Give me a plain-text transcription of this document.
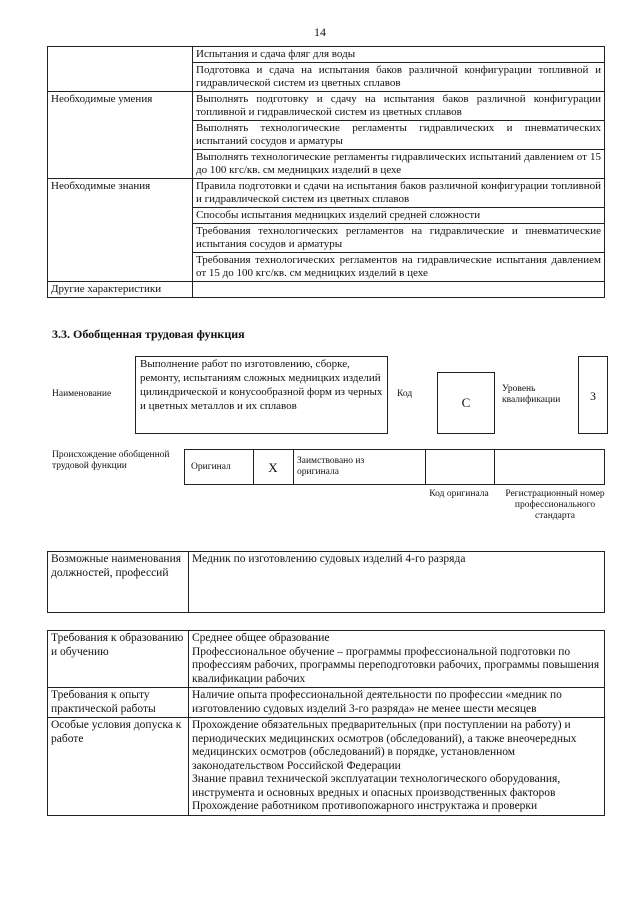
14
	Испытания и сдача фляг для воды
	Подготовка и сдача на испытания баков различной конфигурации топливной и гидравлической систем из цветных сплавов
Необходимые умения	Выполнять подготовку и сдачу на испытания баков различной конфигурации топливной и гидравлической систем из цветных сплавов
	Выполнять технологические регламенты гидравлических и пневматических испытаний сосудов и арматуры
	Выполнять технологические регламенты гидравлических испытаний давлением от 15 до 100 кгс/кв. см медницких изделий в цехе
Необходимые знания	Правила подготовки и сдачи на испытания баков различной конфигурации топливной и гидравлической систем из цветных сплавов
	Способы испытания медницких изделий средней сложности
	Требования технологических регламентов на гидравлические и пневматические испытания сосудов и арматуры
	Требования технологических регламентов на гидравлические испытания давлением от 15 до 100 кгс/кв. см медницких изделий в цехе
Другие характеристики	
3.3. Обобщенная трудовая функция
Наименование
Выполнение работ по изготовлению, сборке, ремонту, испытаниям сложных медницких изделий цилиндрической и конусообразной форм из черных и цветных металлов и их сплавов
Код
C
Уровень квалификации	3
Происхождение обобщенной трудовой функции	Оригинал	X	Заимствовано из оригинала
Код оригинала	Регистрационный номер профессионального стандарта
Возможные наименования должностей, профессий	Медник по изготовлению судовых изделий 4-го разряда
Требования к образованию и обучению	Среднее общее образование
Профессиональное обучение – программы профессиональной подготовки по профессиям рабочих, программы переподготовки рабочих, программы повышения квалификации рабочих

Требования к опыту практической работы	Наличие опыта профессиональной деятельности по профессии «медник по изготовлению судовых изделий 3-го разряда» не менее шести месяцев

Особые условия допуска к работе	Прохождение обязательных предварительных (при поступлении на работу) и периодических медицинских осмотров (обследований), а также внеочередных медицинских осмотров (обследований) в порядке, установленном законодательством Российской Федерации
Знание правил технической эксплуатации технологического оборудования, инструмента и основных вредных и опасных производственных факторов
Прохождение работником противопожарного инструктажа и проверки
